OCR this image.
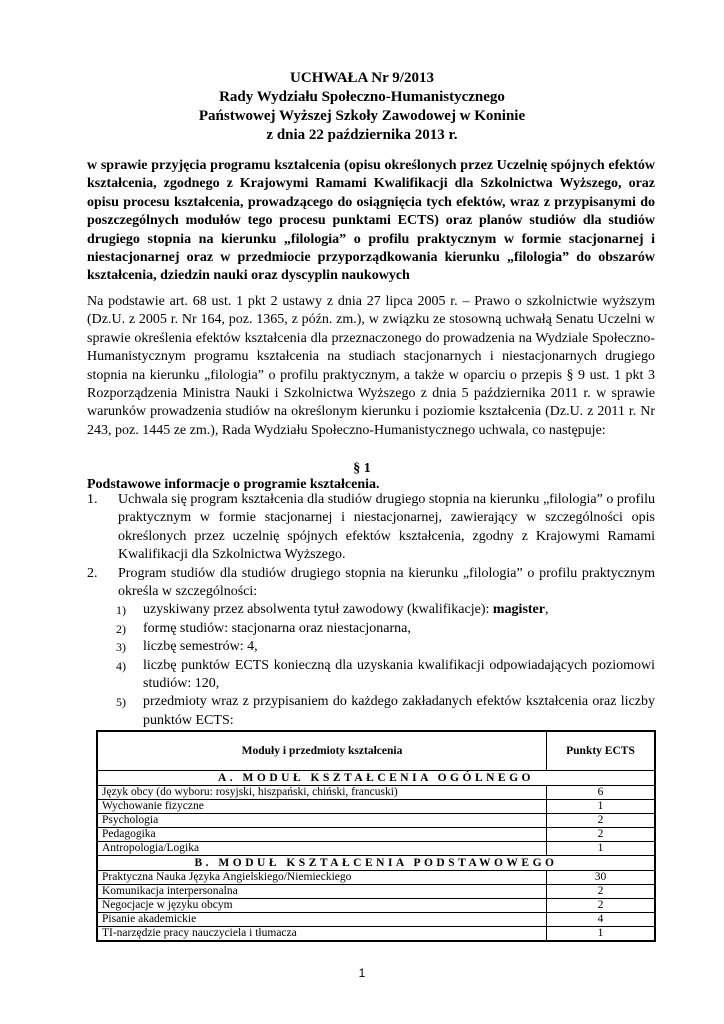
UCHWAŁA Nr 9/2013
Rady Wydziału Społeczno-Humanistycznego
Państwowej Wyższej Szkoły Zawodowej w Koninie
z dnia 22 października 2013 r.
w sprawie przyjęcia programu kształcenia (opisu określonych przez Uczelnię spójnych efektów kształcenia, zgodnego z Krajowymi Ramami Kwalifikacji dla Szkolnictwa Wyższego, oraz opisu procesu kształcenia, prowadzącego do osiągnięcia tych efektów, wraz z przypisanymi do poszczególnych modułów tego procesu punktami ECTS) oraz planów studiów dla studiów drugiego stopnia na kierunku „filologia” o profilu praktycznym w formie stacjonarnej i niestacjonarnej oraz w przedmiocie przyporządkowania kierunku „filologia” do obszarów kształcenia, dziedzin nauki oraz dyscyplin naukowych
Na podstawie art. 68 ust. 1 pkt 2 ustawy z dnia 27 lipca 2005 r. – Prawo o szkolnictwie wyższym (Dz.U. z 2005 r. Nr 164, poz. 1365, z późn. zm.), w związku ze stosowną uchwałą Senatu Uczelni w sprawie określenia efektów kształcenia dla przeznaczonego do prowadzenia na Wydziale Społeczno-Humanistycznym programu kształcenia na studiach stacjonarnych i niestacjonarnych drugiego stopnia na kierunku „filologia” o profilu praktycznym, a także w oparciu o przepis § 9 ust. 1 pkt 3 Rozporządzenia Ministra Nauki i Szkolnictwa Wyższego z dnia 5 października 2011 r. w sprawie warunków prowadzenia studiów na określonym kierunku i poziomie kształcenia (Dz.U. z 2011 r. Nr 243, poz. 1445 ze zm.), Rada Wydziału Społeczno-Humanistycznego uchwala, co następuje:
§ 1
Podstawowe informacje o programie kształcenia.
1. Uchwala się program kształcenia dla studiów drugiego stopnia na kierunku „filologia” o profilu praktycznym w formie stacjonarnej i niestacjonarnej, zawierający w szczególności opis określonych przez uczelnię spójnych efektów kształcenia, zgodny z Krajowymi Ramami Kwalifikacji dla Szkolnictwa Wyższego.
2. Program studiów dla studiów drugiego stopnia na kierunku „filologia” o profilu praktycznym określa w szczególności:
1) uzyskiwany przez absolwenta tytuł zawodowy (kwalifikacje): magister,
2) formę studiów: stacjonarna oraz niestacjonarna,
3) liczbę semestrów: 4,
4) liczbę punktów ECTS konieczną dla uzyskania kwalifikacji odpowiadających poziomowi studiów: 120,
5) przedmioty wraz z przypisaniem do każdego zakładanych efektów kształcenia oraz liczby punktów ECTS:
Moduły i przedmioty kształcenia	Punkty ECTS
A. MODUŁ KSZTAŁCENIA OGÓLNEGO	
Język obcy (do wyboru: rosyjski, hiszpański, chiński, francuski)	6
Wychowanie fizyczne	1
Psychologia	2
Pedagogika	2
Antropologia/Logika	1
B. MODUŁ KSZTAŁCENIA PODSTAWOWEGO	
Praktyczna Nauka Języka Angielskiego/Niemieckiego	30
Komunikacja interpersonalna	2
Negocjacje w języku obcym	2
Pisanie akademickie	4
TI-narzędzie pracy nauczyciela i tłumacza	1
1
